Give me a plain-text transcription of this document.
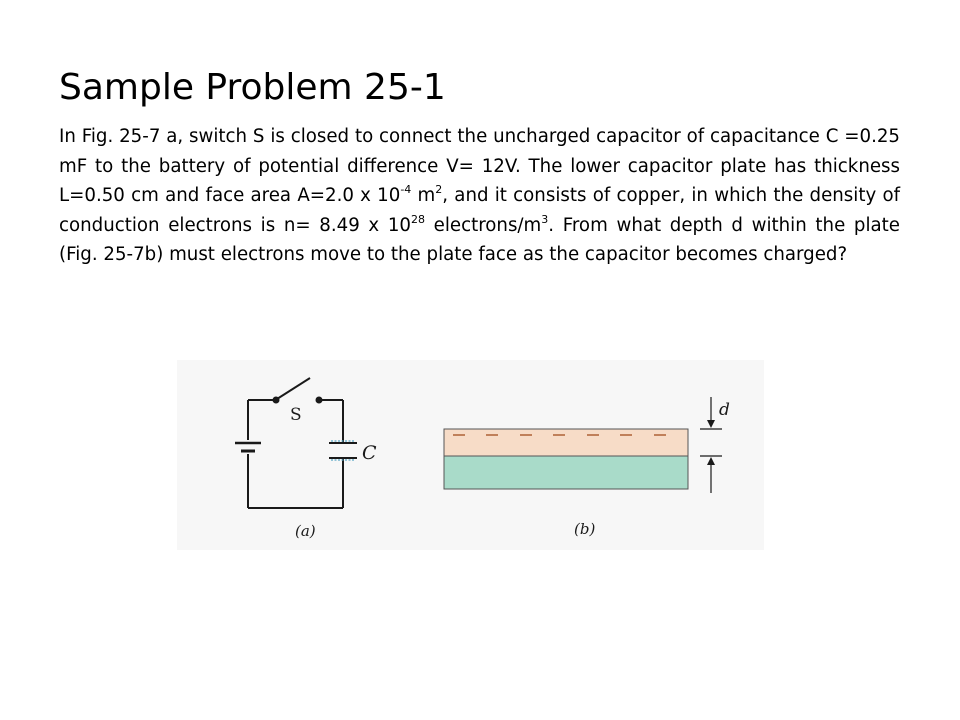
Sample Problem 25-1

In Fig. 25-7 a, switch S is closed to connect the uncharged capacitor of capacitance C =0.25 mF to the battery of potential difference V= 12V. The lower capacitor plate has thickness L=0.50 cm and face area A=2.0 x $10^{-4}$ $m^2$, and it consists of copper, in which the density of conduction electrons is n= 8.49 x $10^{28}$ electrons/$m^3$. From what depth d within the plate (Fig. 25-7b) must electrons move to the plate face as the capacitor becomes charged?

S
C
(a)
d
(b)
